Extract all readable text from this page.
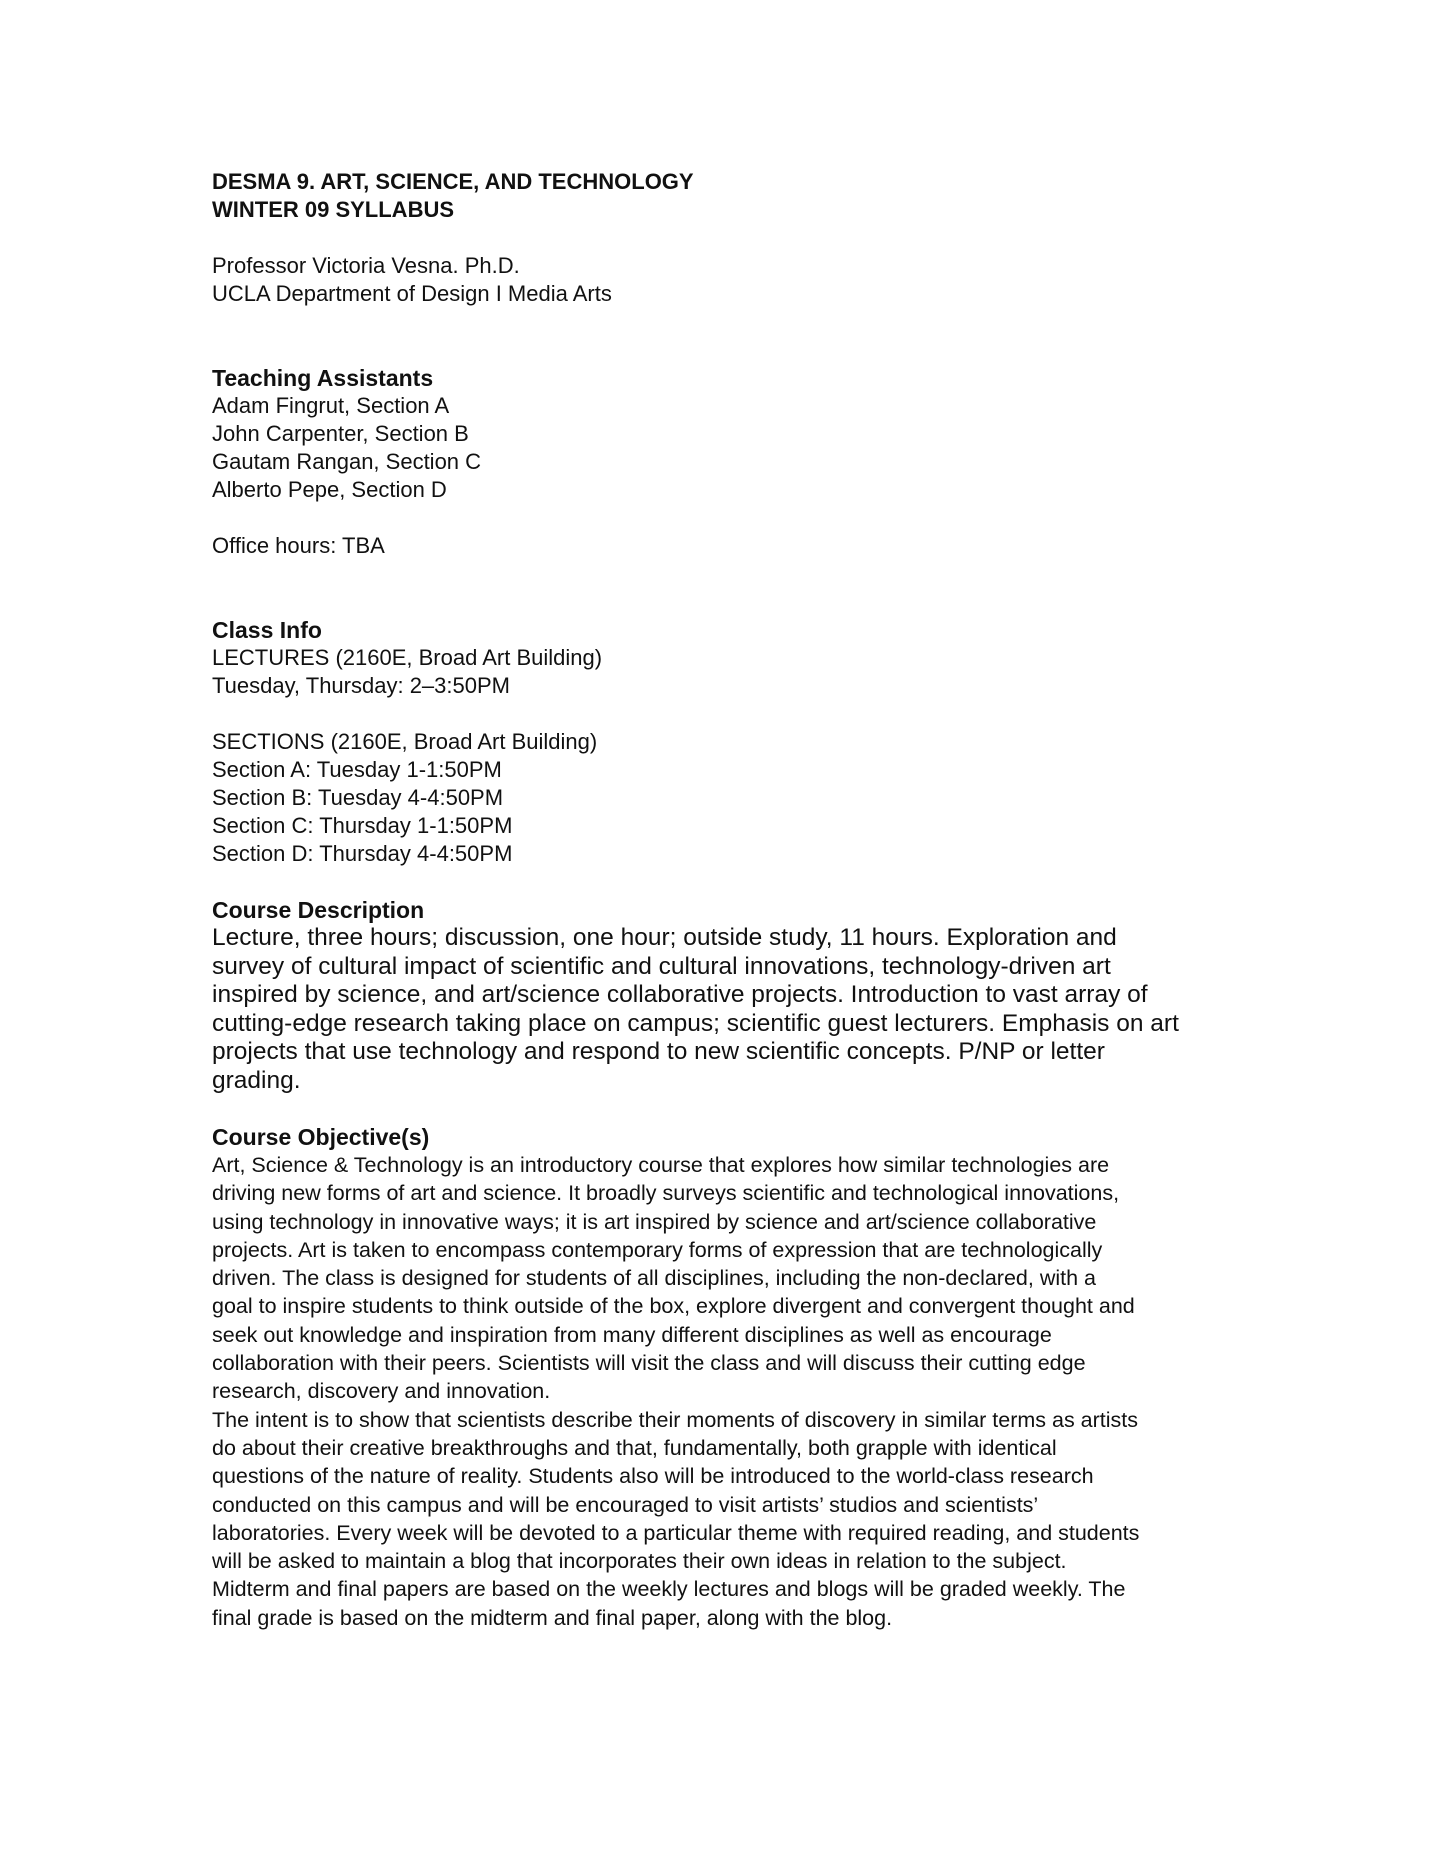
DESMA 9. ART, SCIENCE, AND TECHNOLOGY
WINTER 09 SYLLABUS
Professor Victoria Vesna. Ph.D.
UCLA Department of Design I Media Arts
Teaching Assistants
Adam Fingrut, Section A
John Carpenter, Section B
Gautam Rangan, Section C
Alberto Pepe, Section D
Office hours: TBA
Class Info
LECTURES (2160E, Broad Art Building)
Tuesday, Thursday: 2–3:50PM
SECTIONS (2160E, Broad Art Building)
Section A: Tuesday 1-1:50PM
Section B: Tuesday 4-4:50PM
Section C: Thursday 1-1:50PM
Section D: Thursday 4-4:50PM
Course Description
Lecture, three hours; discussion, one hour; outside study, 11 hours. Exploration and
survey of cultural impact of scientific and cultural innovations, technology-driven art
inspired by science, and art/science collaborative projects. Introduction to vast array of
cutting-edge research taking place on campus; scientific guest lecturers. Emphasis on art
projects that use technology and respond to new scientific concepts. P/NP or letter
grading.
Course Objective(s)
Art, Science & Technology is an introductory course that explores how similar technologies are
driving new forms of art and science. It broadly surveys scientific and technological innovations,
using technology in innovative ways; it is art inspired by science and art/science collaborative
projects. Art is taken to encompass contemporary forms of expression that are technologically
driven. The class is designed for students of all disciplines, including the non-declared, with a
goal to inspire students to think outside of the box, explore divergent and convergent thought and
seek out knowledge and inspiration from many different disciplines as well as encourage
collaboration with their peers. Scientists will visit the class and will discuss their cutting edge
research, discovery and innovation.
The intent is to show that scientists describe their moments of discovery in similar terms as artists
do about their creative breakthroughs and that, fundamentally, both grapple with identical
questions of the nature of reality. Students also will be introduced to the world-class research
conducted on this campus and will be encouraged to visit artists’ studios and scientists’
laboratories. Every week will be devoted to a particular theme with required reading, and students
will be asked to maintain a blog that incorporates their own ideas in relation to the subject.
Midterm and final papers are based on the weekly lectures and blogs will be graded weekly. The
final grade is based on the midterm and final paper, along with the blog.
